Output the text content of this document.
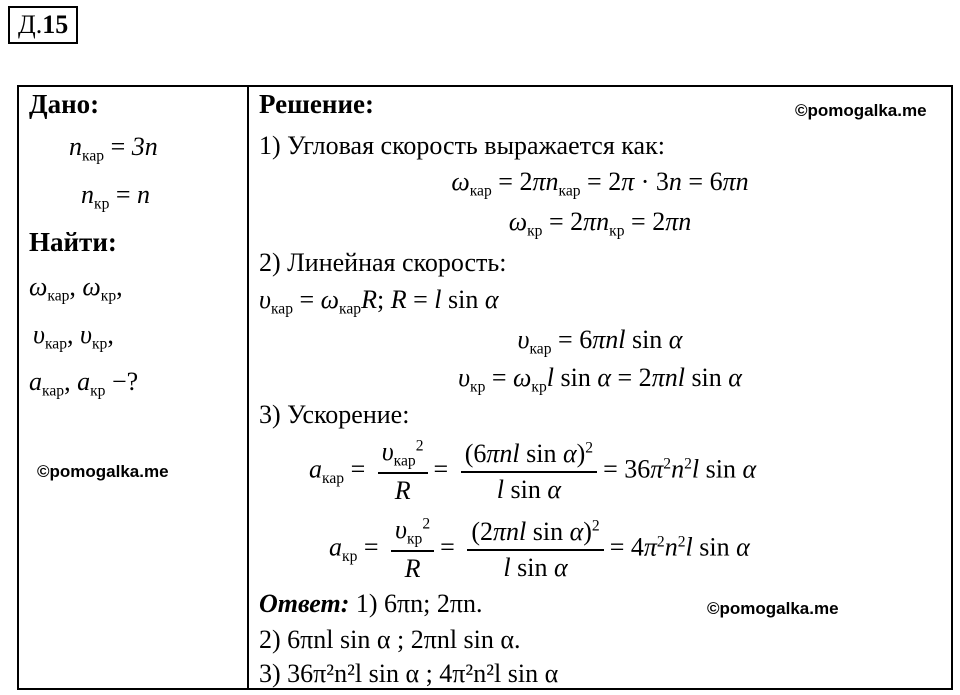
Д.15
Дано:
$n_{кар} = 3n$
$n_{кр} = n$
Найти:
$\omega_{кар}$, $\omega_{кр}$,
$\upsilon_{кар}$, $\upsilon_{кр}$,
$a_{кар}$, $a_{кр}$ −?
©pomogalka.me
Решение:	©pomogalka.me
1) Угловая скорость выражается как:
$\omega_{кар} = 2\pi n_{кар} = 2\pi \cdot 3n = 6\pi n$
$\omega_{кр} = 2\pi n_{кр} = 2\pi n$
2) Линейная скорость:
$\upsilon_{кар} = \omega_{кар}R$; R = l sin α
$\upsilon_{кар} = 6\pi nl$ sin α
$\upsilon_{кр} = \omega_{кр}l$ sin α = 2πnl sin α
3) Ускорение:
$a_{кар} = \frac{\upsilon_{кар}^2}{R} = \frac{(6\pi nl \sin \alpha)^2}{\text{l sin α}} = 36\pi^2n^2l$ sin α
$a_{кр} = \frac{\upsilon_{кр}^2}{R} = \frac{(2\pi nl \sin \alpha)^2}{\text{l sin α}} = 4\pi^2n^2l$ sin α
Ответ: 1) 6πn; 2πn.	©pomogalka.me
2) 6πnl sin α ; 2πnl sin α.
3) 36π²n²l sin α ; 4π²n²l sin α
